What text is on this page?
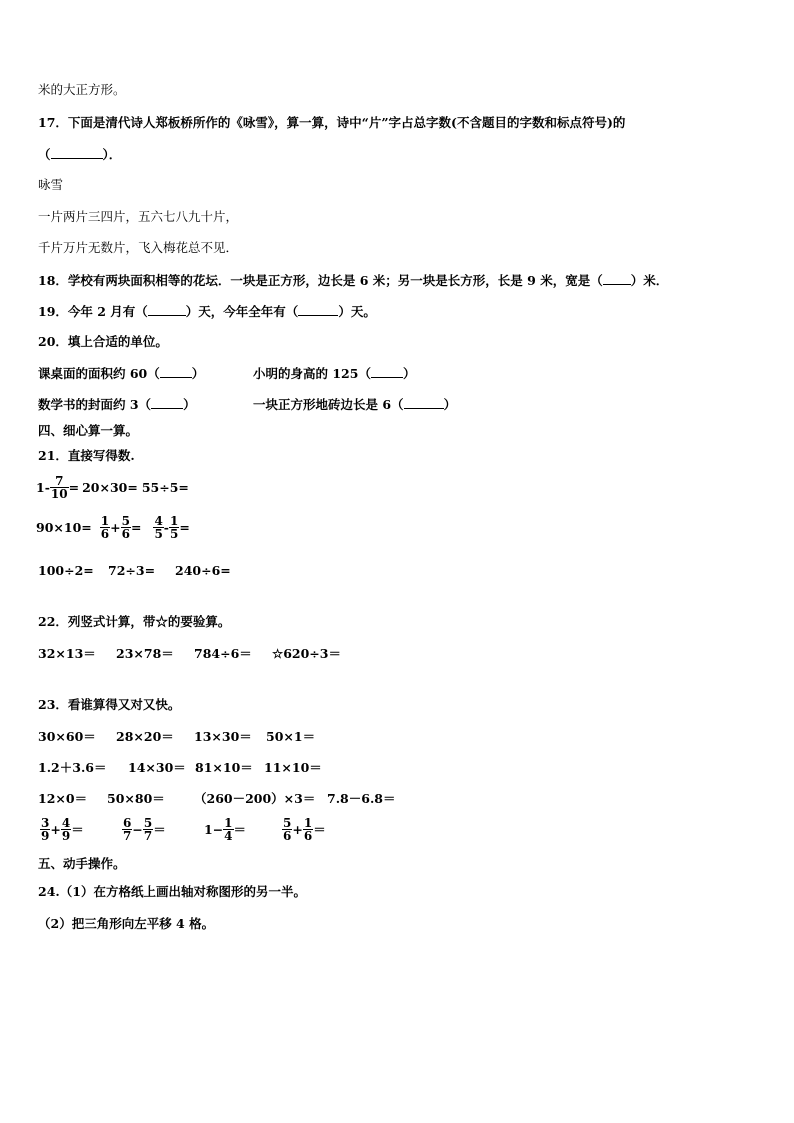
米的大正方形。
17．下面是清代诗人郑板桥所作的《咏雪》，算一算，诗中“片”字占总字数(不含题目的字数和标点符号)的
（	）．
咏雪
一片两片三四片，五六七八九十片，
千片万片无数片，飞入梅花总不见．
18．学校有两块面积相等的花坛．一块是正方形，边长是 6 米；另一块是长方形，长是 9 米，宽是（ ）米．
19．今年 2 月有（	）天，今年全年有（	）天。
20．填上合适的单位。
课桌面的面积约 60（	）	小明的身高的 125（	）
数学书的封面约 3（	）	一块正方形地砖边长是 6（	）
四、细心算一算。
21．直接写得数.
$1- \frac{7}{10} = 20\times 30= 55\div 5=$
$90\times 10= \frac{1}{6} + \frac{5}{6} = \frac{4}{5} - \frac{1}{5}$ =
100÷2= 72÷3= 240÷6=
22．列竖式计算，带☆的要验算。
32×13＝ 23×78＝ 784÷6＝ ☆620÷3＝
23．看谁算得又对又快。
30×60＝ 28×20＝ 13×30＝ 50×1＝
1.2＋3.6＝ 14×30＝ 81×10＝ 11×10＝
12×0＝ 50×80＝ （260－200）×3＝ 7.8－6.8＝
$\frac{3}{9} + \frac{4}{9}$ ＝	$\frac{6}{7} - \frac{5}{7}$ ＝	$1- \frac{1}{4}$ ＝	$\frac{5}{6} + \frac{1}{6}$ ＝
五、动手操作。
24.（1）在方格纸上画出轴对称图形的另一半。
（2）把三角形向左平移 4 格。
